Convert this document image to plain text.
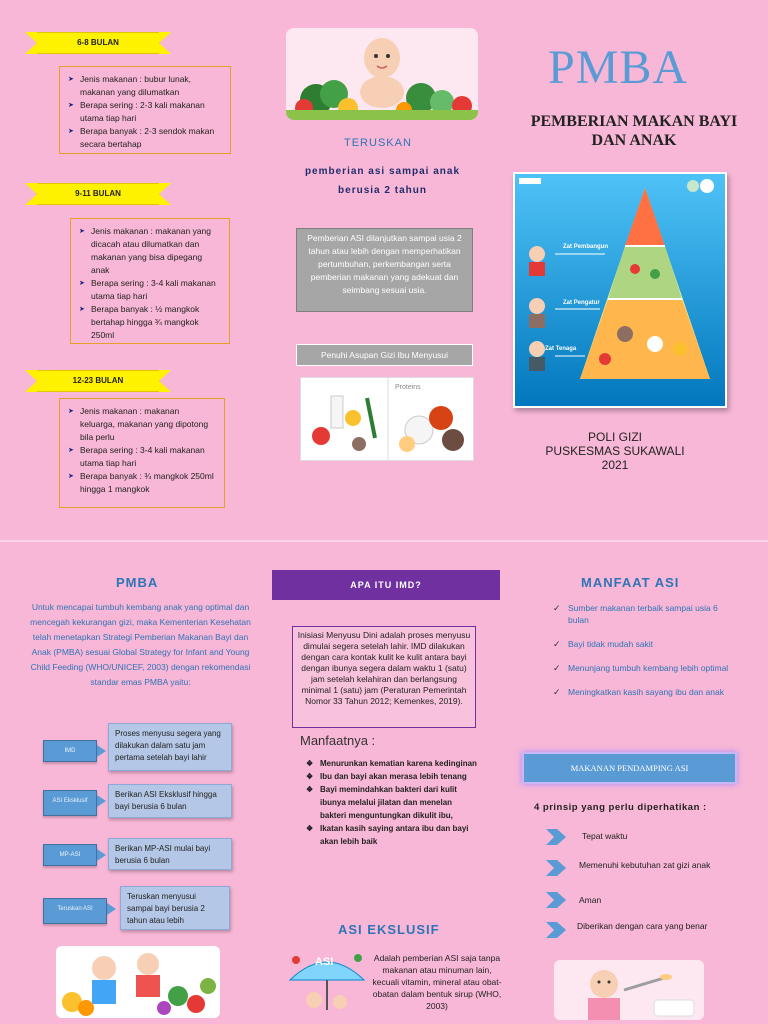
6-8 BULAN
➤ Jenis makanan : bubur lunak, makanan yang dilumatkan
➤ Berapa sering : 2-3 kali makanan utama tiap hari
➤ Berapa banyak : 2-3 sendok makan secara bertahap
9-11 BULAN
➤ Jenis makanan : makanan yang dicacah atau dilumatkan dan makanan yang bisa dipegang anak
➤ Berapa sering : 3-4 kali makanan utama tiap hari
➤ Berapa banyak : ½ mangkok bertahap hingga ¾ mangkok 250ml
12-23 BULAN
➤ Jenis makanan : makanan keluarga, makanan yang dipotong bila perlu
➤ Berapa sering : 3-4 kali makanan utama tiap hari
➤ Berapa banyak : ¾ mangkok 250ml hingga 1 mangkok
TERUSKAN
pemberian asi sampai anak berusia 2 tahun
Pemberian ASI dilanjutkan sampai usia 2 tahun atau lebih dengan memperhatikan pertumbuhan, perkembangan serta pemberian makanan yang adekuat dan seimbang sesuai usia.
Penuhi Asupan Gizi Ibu Menyusui
Proteins
PMBA
PEMBERIAN MAKAN BAYI DAN ANAK
Zat Pembangun
Zat Pengatur
Zat Tenaga
POLI GIZI
PUSKESMAS SUKAWALI
2021
PMBA
Untuk mencapai tumbuh kembang anak yang optimal dan mencegah kekurangan gizi, maka Kementerian Kesehatan telah menetapkan Strategi Pemberian Makanan Bayi dan Anak (PMBA) sesuai Global Strategy for Infant and Young Child Feeding (WHO/UNICEF, 2003) dengan rekomendasi standar emas PMBA yaitu:
IMD
Proses menyusu segera yang dilakukan dalam satu jam pertama setelah bayi lahir
ASI Eksklusif
Berikan ASI Eksklusif hingga bayi berusia 6 bulan
MP-ASI
Berikan MP-ASI mulai bayi berusia 6 bulan
Teruskan ASI
Teruskan menyusui sampai bayi berusia 2 tahun atau lebih
APA ITU IMD?
Inisiasi Menyusu Dini adalah proses menyusu dimulai segera setelah lahir. IMD dilakukan dengan cara kontak kulit ke kulit antara bayi dengan ibunya segera dalam waktu 1 (satu) jam setelah kelahiran dan berlangsung minimal 1 (satu) jam (Peraturan Pemerintah Nomor 33 Tahun 2012; Kemenkes, 2019).
Manfaatnya :
❖ Menurunkan kematian karena kedinginan
❖ Ibu dan bayi akan merasa lebih tenang
❖ Bayi memindahkan bakteri dari kulit ibunya melalui jilatan dan menelan bakteri menguntungkan dikulit ibu,
❖ Ikatan kasih saying antara ibu dan bayi akan lebih baik
ASI EKSLUSIF
ASI	Adalah pemberian ASI saja tanpa makanan atau minuman lain, kecuali vitamin, mineral atau obat-obatan dalam bentuk sirup (WHO, 2003)
MANFAAT ASI
✓ Sumber makanan terbaik sampai usia 6 bulan
✓ Bayi tidak mudah sakit
✓ Menunjang tumbuh kembang lebih optimal
✓ Meningkatkan kasih sayang ibu dan anak
MAKANAN PENDAMPING ASI
4 prinsip yang perlu diperhatikan :
Tepat waktu
Memenuhi kebutuhan zat gizi anak
Aman
Diberikan dengan cara yang benar
